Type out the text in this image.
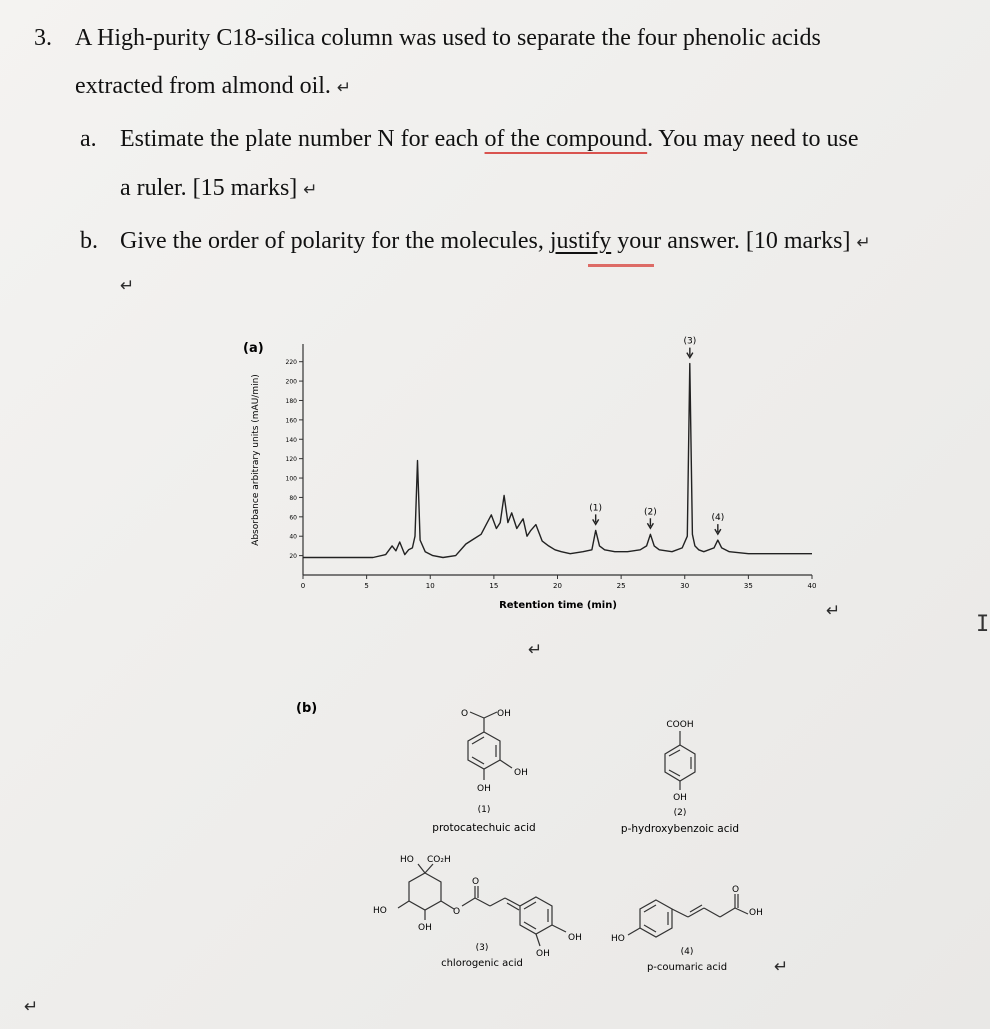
3. A High-purity C18-silica column was used to separate the four phenolic acids
extracted from almond oil. ↵
a. Estimate the plate number N for each of the compound. You may need to use
a ruler. [15 marks] ↵
b. Give the order of polarity for the molecules, justify your answer. [10 marks] ↵
↵
↵
↵
↵
↵
I
(a)
Absorbance arbitrary units (mAU/min)
Retention time (min)
20
40
60
80
100
120
140
160
180
200
220
0	5	10	15	20	25	30	35	40
(1)	(2)
(3)
(4)
(b)	O	OH
OH
OH
(1)
protocatechuic acid
COOH
OH
(2)
p-hydroxybenzoic acid
HO CO₂H
HO
OH
O
O
OH
OH
(3)
chlorogenic acid
HO
O
OH
(4)
p-coumaric acid
